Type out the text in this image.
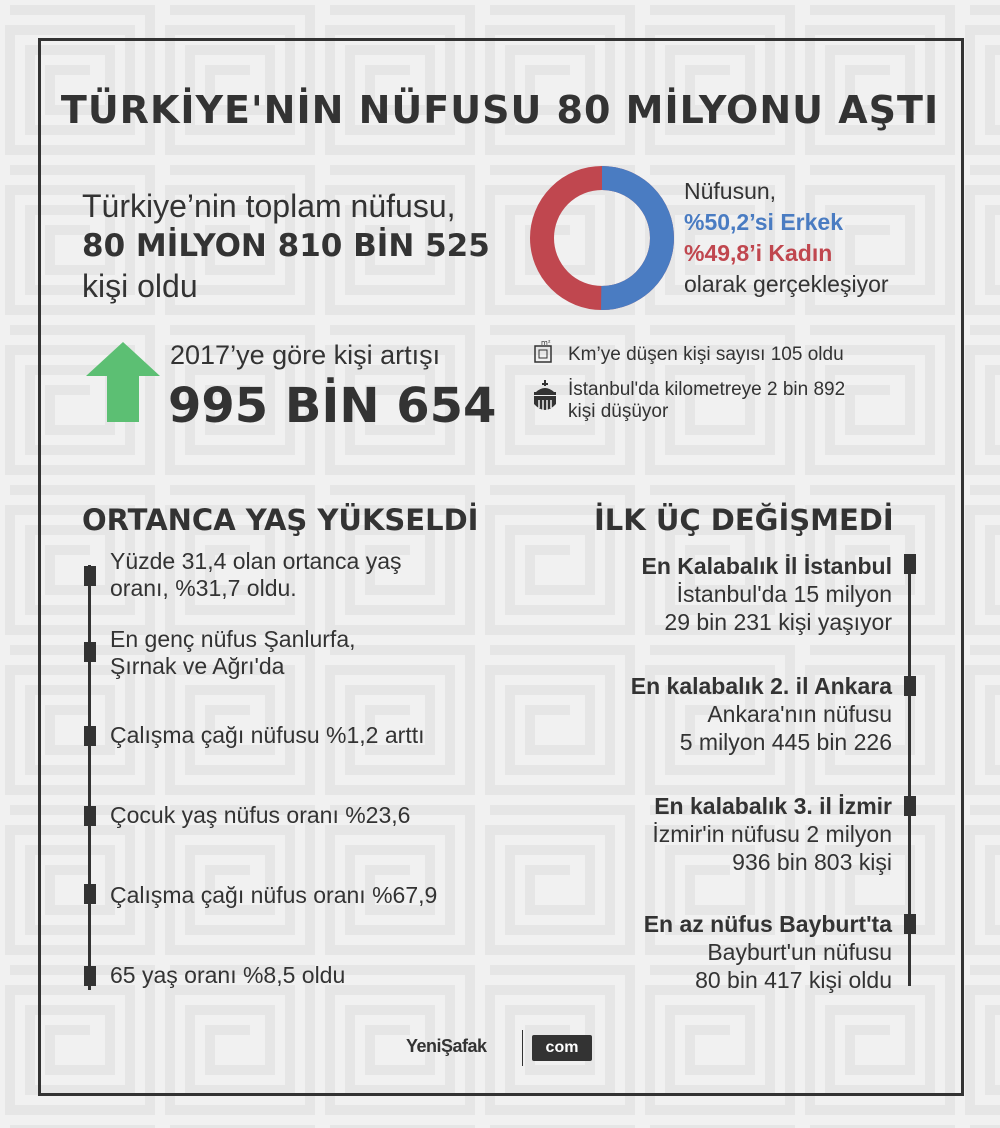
TÜRKİYE'NİN NÜFUSU 80 MİLYONU AŞTI
Türkiye’nin toplam nüfusu,
80 MİLYON 810 BİN 525
kişi oldu
Nüfusun,
%50,2’si Erkek
%49,8’i Kadın
olarak gerçekleşiyor
2017’ye göre kişi artışı
995 BİN 654
m²
Km’ye düşen kişi sayısı 105 oldu
İstanbul'da kilometreye 2 bin 892
kişi düşüyor
ORTANCA YAŞ YÜKSELDİ
Yüzde 31,4 olan ortanca yaş
oranı, %31,7 oldu.
En genç nüfus Şanlurfa,
Şırnak ve Ağrı'da
Çalışma çağı nüfusu %1,2 arttı
Çocuk yaş nüfus oranı %23,6
Çalışma çağı nüfus oranı %67,9
65 yaş oranı %8,5 oldu
İLK ÜÇ DEĞİŞMEDİ
En Kalabalık İl İstanbul
İstanbul'da 15 milyon
29 bin 231 kişi yaşıyor
En kalabalık 2. il Ankara
Ankara'nın nüfusu
5 milyon 445 bin 226
En kalabalık 3. il İzmir
İzmir'in nüfusu 2 milyon
936 bin 803 kişi
En az nüfus Bayburt'ta
Bayburt'un nüfusu
80 bin 417 kişi oldu
YeniŞafak	com
